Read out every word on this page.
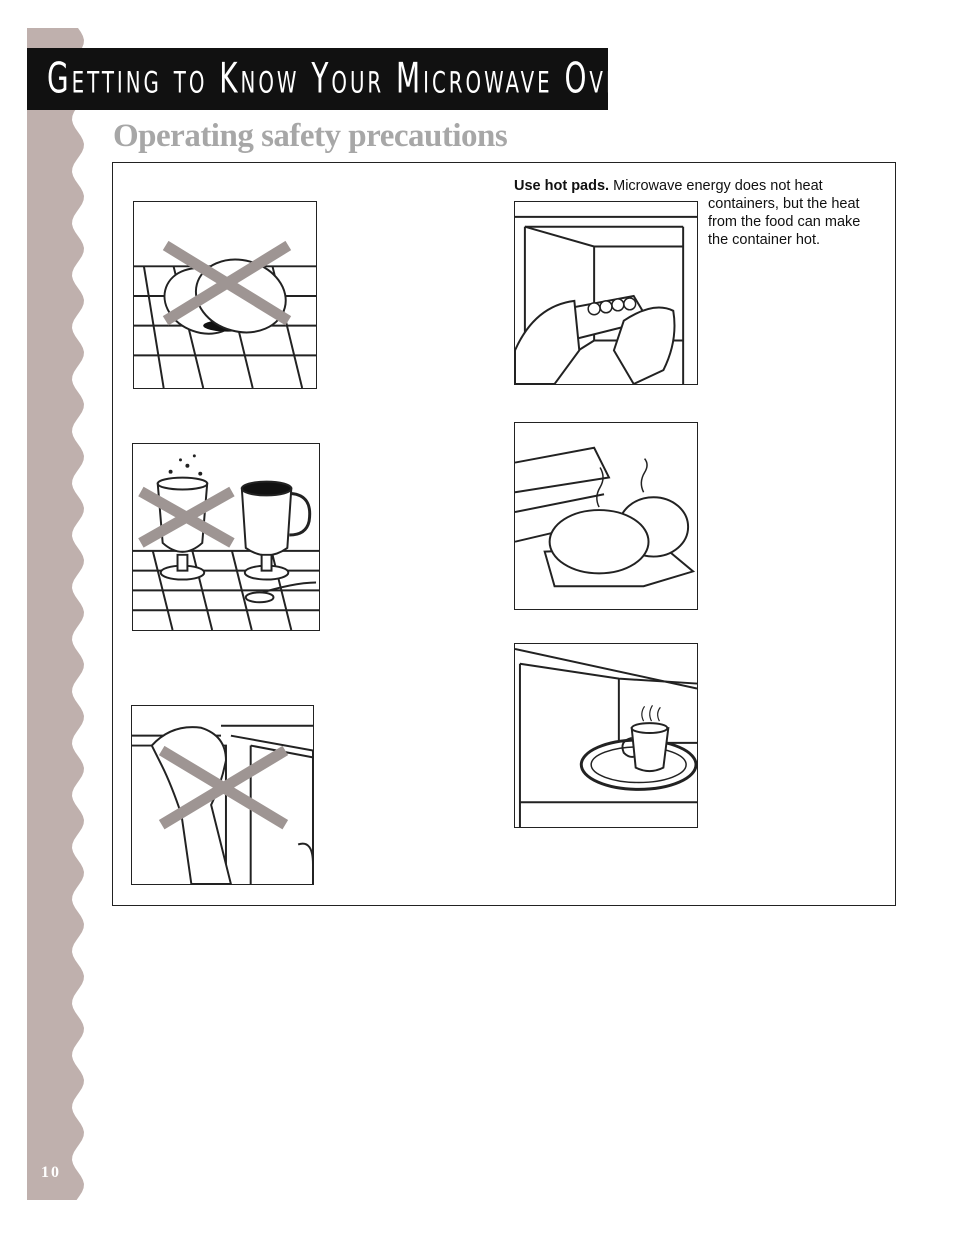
Getting to Know Your Microwave Oven
Operating safety precautions
Use hot pads. Microwave energy does not heat
containers, but the heat from the food can make the container hot.
10
